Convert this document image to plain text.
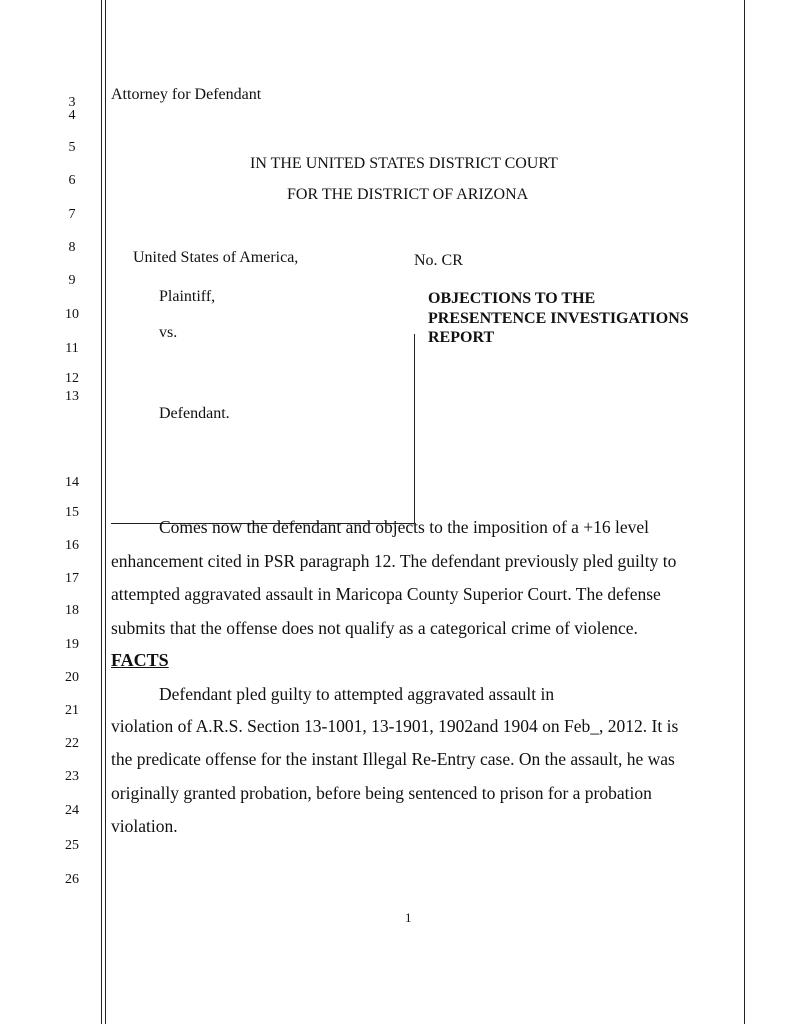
3
4
5
6
7
8
9
10
11
12
13
14
15
16
17
18
19
20
21
22
23
24
25
26
Attorney for Defendant
IN THE UNITED STATES DISTRICT COURT
FOR THE DISTRICT OF ARIZONA
United States of America,
Plaintiff,
vs.
Defendant.
No. CR
OBJECTIONS TO THE
PRESENTENCE INVESTIGATIONS
REPORT
Comes now the defendant and objects to the imposition of a +16 level
enhancement cited in PSR paragraph 12. The defendant previously pled guilty to
attempted aggravated assault in Maricopa County Superior Court. The defense
submits that the offense does not qualify as a categorical crime of violence.
FACTS
Defendant pled guilty to attempted aggravated assault in
violation of A.R.S. Section 13-1001, 13-1901, 1902and 1904 on Feb_, 2012. It is
the predicate offense for the instant Illegal Re-Entry case. On the assault, he was
originally granted probation, before being sentenced to prison for a probation
violation.
1
